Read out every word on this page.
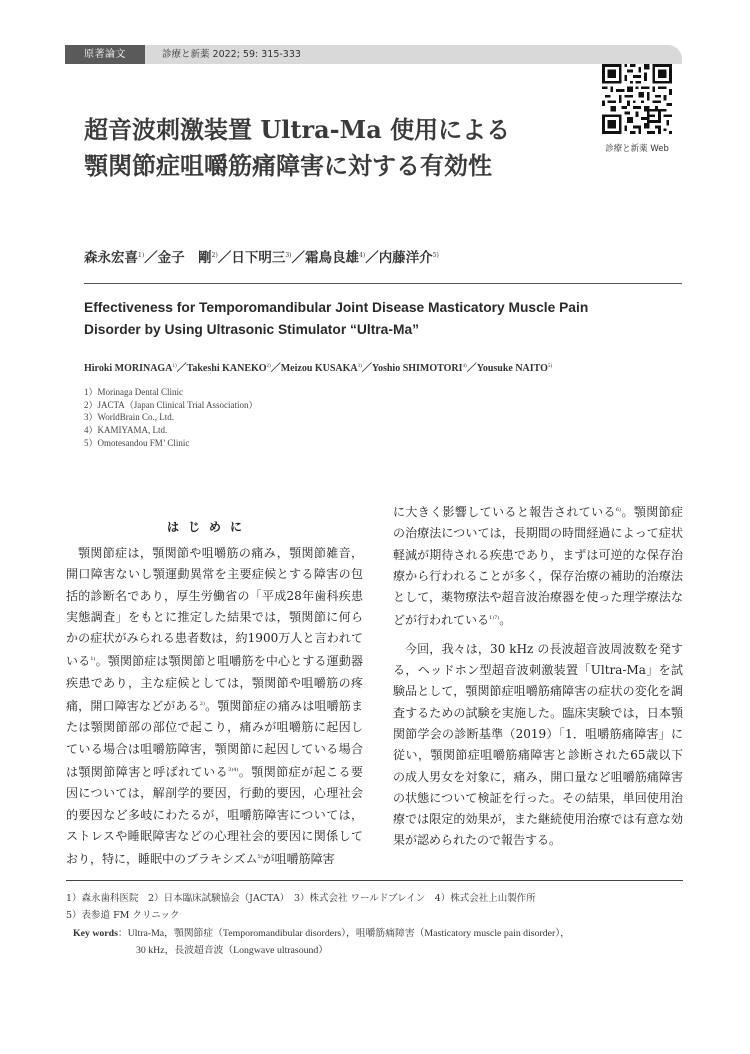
原著論文	診療と新薬 2022; 59: 315-333
診療と新薬 Web
超音波刺激装置 Ultra-Ma 使用による
顎関節症咀嚼筋痛障害に対する有効性
森永宏喜$^{1)}$／金子　剛$^{2)}$／日下明三$^{3)}$／霜鳥良雄$^{4)}$／内藤洋介$^{5)}$
Effectiveness for Temporomandibular Joint Disease Masticatory Muscle Pain
Disorder by Using Ultrasonic Stimulator “Ultra-Ma”
Hiroki MORINAGA$^{1)}$／Takeshi KANEKO$^{2)}$／Meizou KUSAKA$^{3)}$／Yoshio SHIMOTORI$^{4)}$／Yousuke NAITO$^{5)}$
1）Morinaga Dental Clinic
2）JACTA（Japan Clinical Trial Association）
3）WorldBrain Co., Ltd.
4）KAMIYAMA, Ltd.
5）Omotesandou FM’ Clinic
はじめに

顎関節症は，顎関節や咀嚼筋の痛み，顎関節雑音，開口障害ないし顎運動異常を主要症候とする障害の包括的診断名であり，厚生労働省の「平成28年歯科疾患実態調査」をもとに推定した結果では，顎関節に何らかの症状がみられる患者数は，約1900万人と言われている$^{1)}$。顎関節症は顎関節と咀嚼筋を中心とする運動器疾患であり，主な症候としては，顎関節や咀嚼筋の疼痛，開口障害などがある$^{2)}$。顎関節症の痛みは咀嚼筋または顎関節部の部位で起こり，痛みが咀嚼筋に起因している場合は咀嚼筋障害，顎関節に起因している場合は顎関節障害と呼ばれている$^{3)4)}$。顎関節症が起こる要因については，解剖学的要因，行動的要因，心理社会的要因など多岐にわたるが，咀嚼筋障害については，ストレスや睡眠障害などの心理社会的要因に関係しており，特に，睡眠中のブラキシズム$^{5)}$が咀嚼筋障害

に大きく影響していると報告されている$^{6)}$。顎関節症の治療法については，長期間の時間経過によって症状軽減が期待される疾患であり，まずは可逆的な保存治療から行われることが多く，保存治療の補助的治療法として，薬物療法や超音波治療器を使った理学療法などが行われている$^{1)7)}$。

今回，我々は，30 kHz の長波超音波周波数を発する，ヘッドホン型超音波刺激装置「Ultra-Ma」を試験品として，顎関節症咀嚼筋痛障害の症状の変化を調査するための試験を実施した。臨床実験では，日本顎関節学会の診断基準（2019）「1．咀嚼筋痛障害」に従い，顎関節症咀嚼筋痛障害と診断された65歳以下の成人男女を対象に，痛み，開口量など咀嚼筋痛障害の状態について検証を行った。その結果，単回使用治療では限定的効果が，また継続使用治療では有意な効果が認められたので報告する。

1）森永歯科医院　2）日本臨床試験協会（JACTA）　3）株式会社 ワールドブレイン　4）株式会社上山製作所
5）表参道 FM クリニック
Key words：Ultra-Ma，顎関節症（Temporomandibular disorders），咀嚼筋痛障害（Masticatory muscle pain disorder），
30 kHz，長波超音波（Longwave ultrasound）
